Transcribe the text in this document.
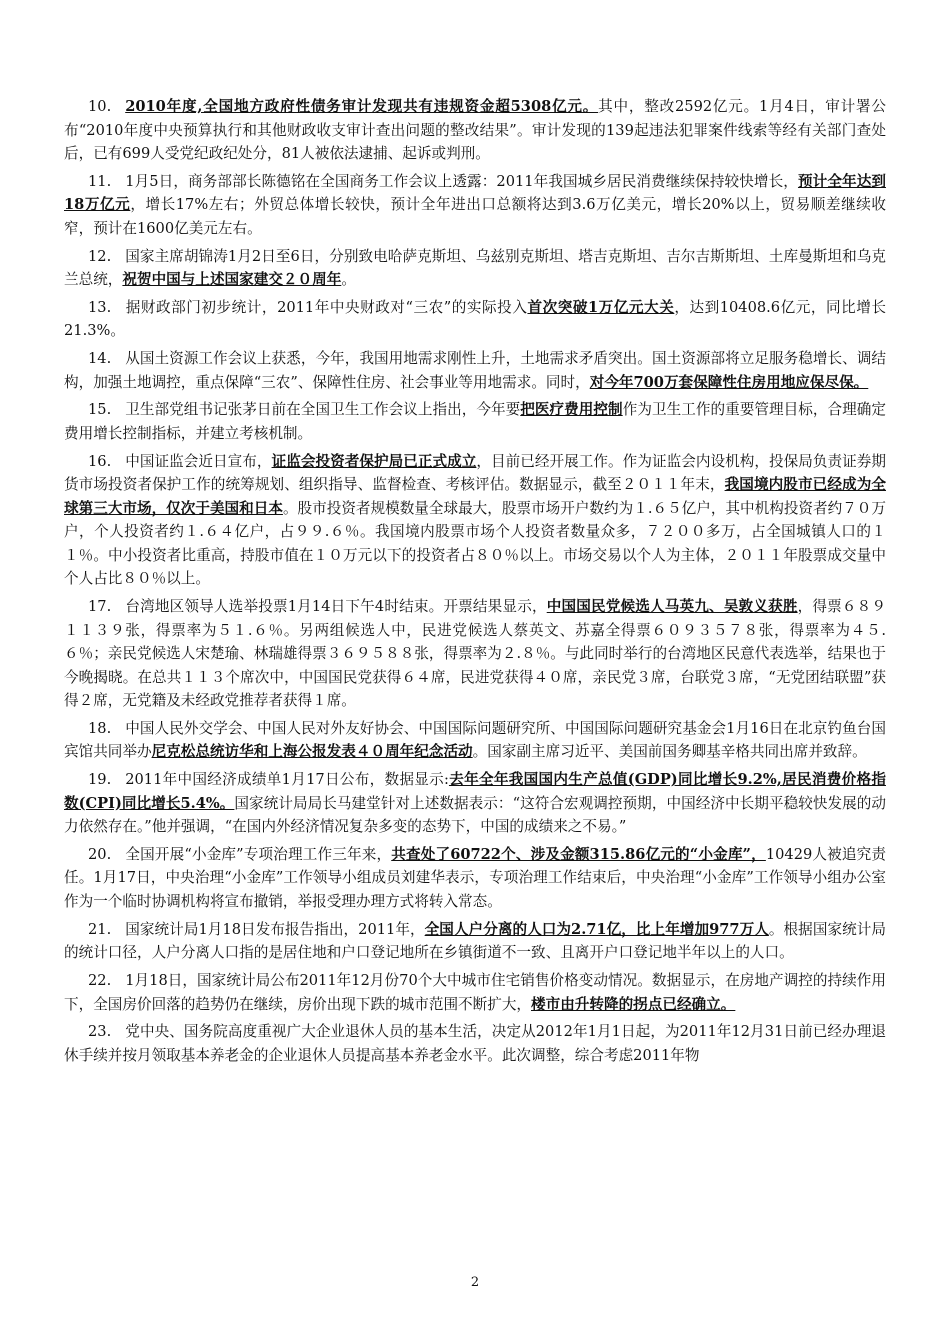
10. 2010年度,全国地方政府性债务审计发现共有违规资金超5308亿元。其中，整改2592亿元。1月4日，审计署公布“2010年度中央预算执行和其他财政收支审计查出问题的整改结果”。审计发现的139起违法犯罪案件线索等经有关部门查处后，已有699人受党纪政纪处分，81人被依法逮捕、起诉或判刑。

11. 1月5日，商务部部长陈德铭在全国商务工作会议上透露：2011年我国城乡居民消费继续保持较快增长，预计全年达到18万亿元，增长17%左右；外贸总体增长较快，预计全年进出口总额将达到3.6万亿美元，增长20%以上，贸易顺差继续收窄，预计在1600亿美元左右。

12. 国家主席胡锦涛1月2日至6日，分别致电哈萨克斯坦、乌兹别克斯坦、塔吉克斯坦、吉尔吉斯斯坦、土库曼斯坦和乌克兰总统，祝贺中国与上述国家建交２０周年。

13. 据财政部门初步统计，2011年中央财政对“三农”的实际投入首次突破1万亿元大关，达到10408.6亿元，同比增长21.3%。

14. 从国土资源工作会议上获悉，今年，我国用地需求刚性上升，土地需求矛盾突出。国土资源部将立足服务稳增长、调结构，加强土地调控，重点保障“三农”、保障性住房、社会事业等用地需求。同时，对今年700万套保障性住房用地应保尽保。

15. 卫生部党组书记张茅日前在全国卫生工作会议上指出，今年要把医疗费用控制作为卫生工作的重要管理目标，合理确定费用增长控制指标，并建立考核机制。

16. 中国证监会近日宣布，证监会投资者保护局已正式成立，目前已经开展工作。作为证监会内设机构，投保局负责证券期货市场投资者保护工作的统筹规划、组织指导、监督检查、考核评估。数据显示，截至２０１１年末，我国境内股市已经成为全球第三大市场，仅次于美国和日本。股市投资者规模数量全球最大，股票市场开户数约为１.６５亿户，其中机构投资者约７０万户，个人投资者约１.６４亿户，占９９.６％。我国境内股票市场个人投资者数量众多，７２００多万，占全国城镇人口的１１％。中小投资者比重高，持股市值在１０万元以下的投资者占８０％以上。市场交易以个人为主体，２０１１年股票成交量中个人占比８０％以上。

17. 台湾地区领导人选举投票1月14日下午4时结束。开票结果显示，中国国民党候选人马英九、吴敦义获胜，得票６８９１１３９张，得票率为５１.６％。另两组候选人中，民进党候选人蔡英文、苏嘉全得票６０９３５７８张，得票率为４５.６％；亲民党候选人宋楚瑜、林瑞雄得票３６９５８８张，得票率为２.８％。与此同时举行的台湾地区民意代表选举，结果也于今晚揭晓。在总共１１３个席次中，中国国民党获得６４席，民进党获得４０席，亲民党３席，台联党３席，“无党团结联盟”获得２席，无党籍及未经政党推荐者获得１席。

18. 中国人民外交学会、中国人民对外友好协会、中国国际问题研究所、中国国际问题研究基金会1月16日在北京钓鱼台国宾馆共同举办尼克松总统访华和上海公报发表４０周年纪念活动。国家副主席习近平、美国前国务卿基辛格共同出席并致辞。

19. 2011年中国经济成绩单1月17日公布，数据显示:去年全年我国国内生产总值(GDP)同比增长9.2%,居民消费价格指数(CPI)同比增长5.4%。国家统计局局长马建堂针对上述数据表示：“这符合宏观调控预期，中国经济中长期平稳较快发展的动力依然存在。”他并强调，“在国内外经济情况复杂多变的态势下，中国的成绩来之不易。”

20. 全国开展“小金库”专项治理工作三年来，共查处了60722个、涉及金额315.86亿元的“小金库”，10429人被追究责任。1月17日，中央治理“小金库”工作领导小组成员刘建华表示，专项治理工作结束后，中央治理“小金库”工作领导小组办公室作为一个临时协调机构将宣布撤销，举报受理办理方式将转入常态。

21. 国家统计局1月18日发布报告指出，2011年，全国人户分离的人口为2.71亿，比上年增加977万人。根据国家统计局的统计口径，人户分离人口指的是居住地和户口登记地所在乡镇街道不一致、且离开户口登记地半年以上的人口。

22. 1月18日，国家统计局公布2011年12月份70个大中城市住宅销售价格变动情况。数据显示，在房地产调控的持续作用下，全国房价回落的趋势仍在继续，房价出现下跌的城市范围不断扩大，楼市由升转降的拐点已经确立。

23. 党中央、国务院高度重视广大企业退休人员的基本生活，决定从2012年1月1日起，为2011年12月31日前已经办理退休手续并按月领取基本养老金的企业退休人员提高基本养老金水平。此次调整，综合考虑2011年物

2
